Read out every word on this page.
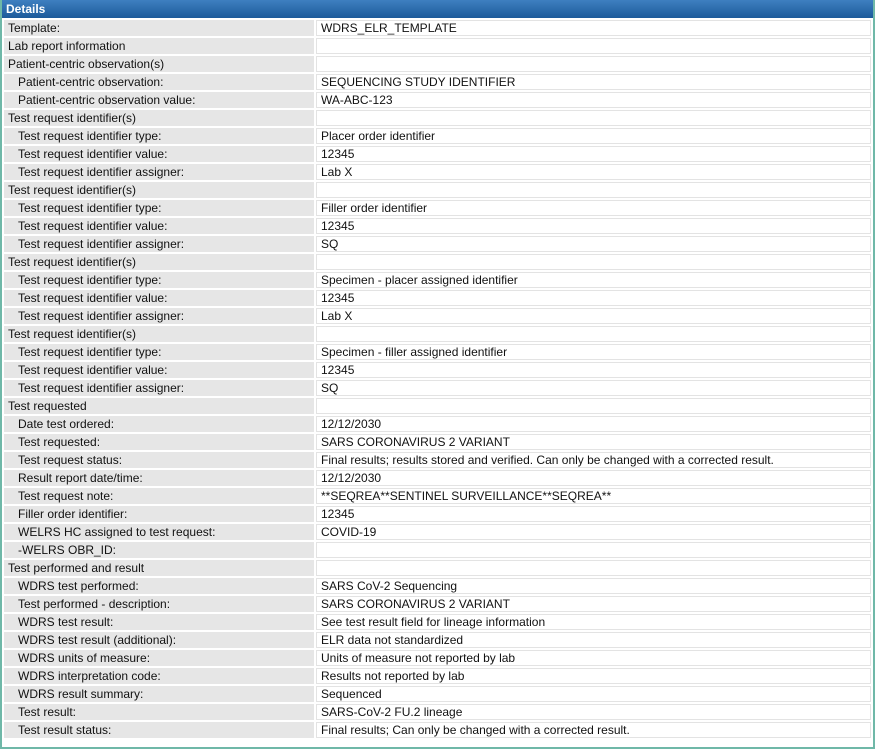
Details
Template:	WDRS_ELR_TEMPLATE
Lab report information	
Patient-centric observation(s)	
Patient-centric observation:	SEQUENCING STUDY IDENTIFIER
Patient-centric observation value:	WA-ABC-123
Test request identifier(s)	
Test request identifier type:	Placer order identifier
Test request identifier value:	12345
Test request identifier assigner:	Lab X
Test request identifier(s)	
Test request identifier type:	Filler order identifier
Test request identifier value:	12345
Test request identifier assigner:	SQ
Test request identifier(s)	
Test request identifier type:	Specimen - placer assigned identifier
Test request identifier value:	12345
Test request identifier assigner:	Lab X
Test request identifier(s)	
Test request identifier type:	Specimen - filler assigned identifier
Test request identifier value:	12345
Test request identifier assigner:	SQ
Test requested	
Date test ordered:	12/12/2030
Test requested:	SARS CORONAVIRUS 2 VARIANT
Test request status:	Final results; results stored and verified. Can only be changed with a corrected result.
Result report date/time:	12/12/2030
Test request note:	**SEQREA**SENTINEL SURVEILLANCE**SEQREA**
Filler order identifier:	12345
WELRS HC assigned to test request:	COVID-19
-WELRS OBR_ID:	
Test performed and result	
WDRS test performed:	SARS CoV-2 Sequencing
Test performed - description:	SARS CORONAVIRUS 2 VARIANT
WDRS test result:	See test result field for lineage information
WDRS test result (additional):	ELR data not standardized
WDRS units of measure:	Units of measure not reported by lab
WDRS interpretation code:	Results not reported by lab
WDRS result summary:	Sequenced
Test result:	SARS-CoV-2 FU.2 lineage
Test result status:	Final results; Can only be changed with a corrected result.
